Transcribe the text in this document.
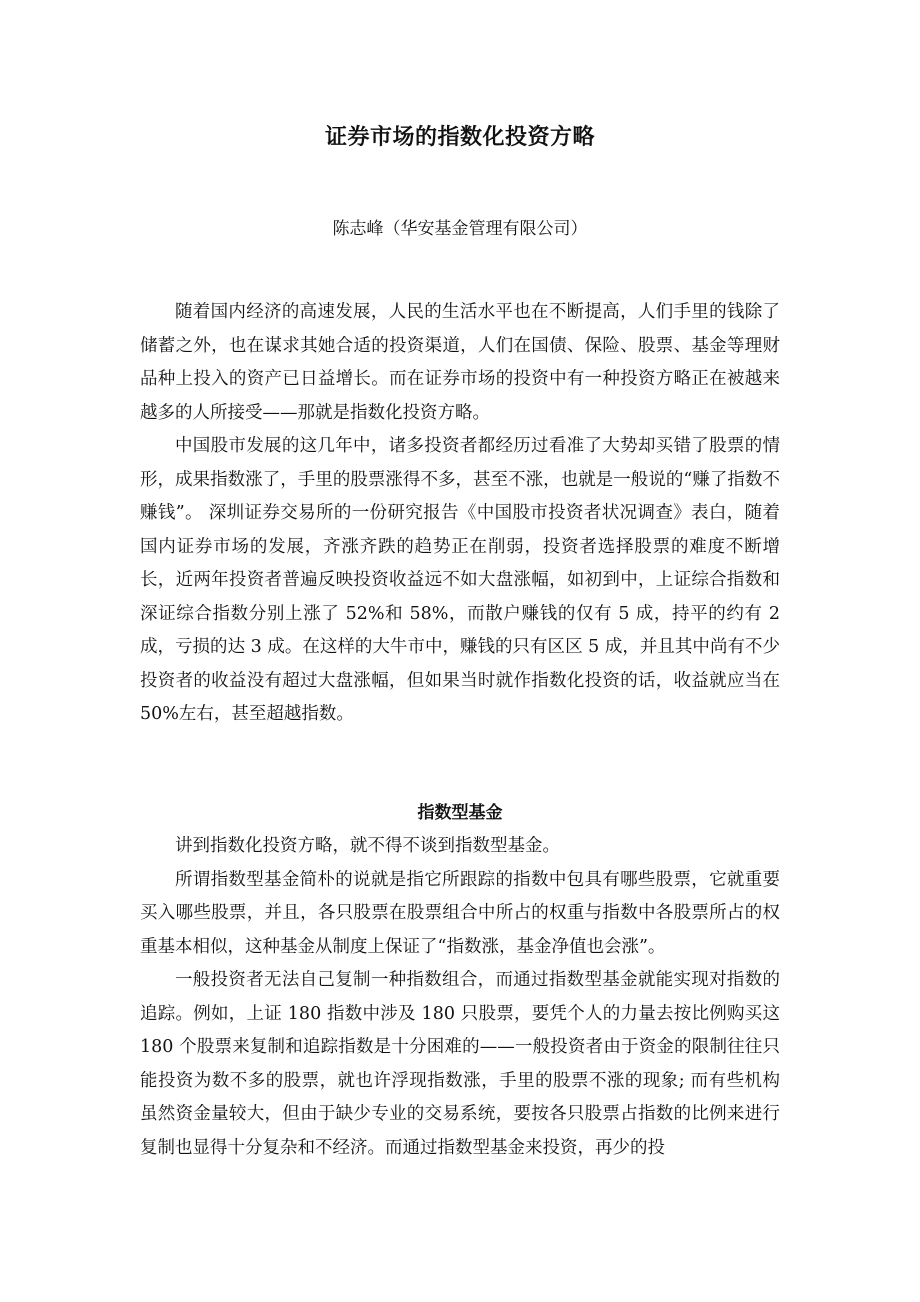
证券市场的指数化投资方略

陈志峰（华安基金管理有限公司）

随着国内经济的高速发展，人民的生活水平也在不断提高，人们手里的钱除了储蓄之外，也在谋求其她合适的投资渠道，人们在国债、保险、股票、基金等理财品种上投入的资产已日益增长。而在证券市场的投资中有一种投资方略正在被越来越多的人所接受——那就是指数化投资方略。

中国股市发展的这几年中，诸多投资者都经历过看准了大势却买错了股票的情形，成果指数涨了，手里的股票涨得不多，甚至不涨，也就是一般说的“赚了指数不赚钱”。 深圳证券交易所的一份研究报告《中国股市投资者状况调查》表白，随着国内证券市场的发展，齐涨齐跌的趋势正在削弱，投资者选择股票的难度不断增长，近两年投资者普遍反映投资收益远不如大盘涨幅，如初到中，上证综合指数和深证综合指数分别上涨了 52%和 58%，而散户赚钱的仅有 5 成，持平的约有 2 成，亏损的达 3 成。在这样的大牛市中，赚钱的只有区区 5 成，并且其中尚有不少投资者的收益没有超过大盘涨幅，但如果当时就作指数化投资的话，收益就应当在 50%左右，甚至超越指数。

指数型基金

讲到指数化投资方略，就不得不谈到指数型基金。

所谓指数型基金简朴的说就是指它所跟踪的指数中包具有哪些股票，它就重要买入哪些股票，并且，各只股票在股票组合中所占的权重与指数中各股票所占的权重基本相似，这种基金从制度上保证了“指数涨，基金净值也会涨”。

一般投资者无法自己复制一种指数组合，而通过指数型基金就能实现对指数的追踪。例如，上证 180 指数中涉及 180 只股票，要凭个人的力量去按比例购买这 180 个股票来复制和追踪指数是十分困难的——一般投资者由于资金的限制往往只能投资为数不多的股票，就也许浮现指数涨，手里的股票不涨的现象; 而有些机构虽然资金量较大，但由于缺少专业的交易系统，要按各只股票占指数的比例来进行复制也显得十分复杂和不经济。而通过指数型基金来投资，再少的投
